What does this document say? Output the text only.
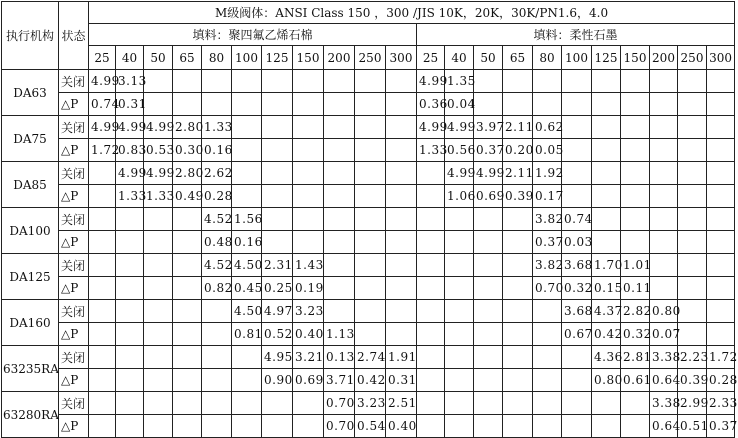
执行机构	状态	M级阀体：ANSI Class 150 ，300 /JIS 10K，20K，30K/PN1.6，4.0																					
		填料：聚四氟乙烯石棉											填料：柔性石墨										
		25	40	50	65	80	100	125	150	200	250	300	25	40	50	65	80	100	125	150	200	250	300
DA63	关闭	4.99	3.13										4.99	1.35									
	△P	0.74	0.31										0.36	0.04									
DA75	关闭	4.99	4.99	4.99	2.80	1.33							4.99	4.99	3.97	2.11	0.62						
	△P	1.72	0.83	0.53	0.30	0.16							1.33	0.56	0.37	0.20	0.05						
DA85	关闭		4.99	4.99	2.80	2.62								4.99	4.99	2.11	1.92						
	△P		1.33	1.33	0.49	0.28								1.06	0.69	0.39	0.17						
DA100	关闭					4.52	1.56										3.82	0.74					
	△P					0.48	0.16										0.37	0.03					
DA125	关闭					4.52	4.50	2.31	1.43								3.82	3.68	1.70	1.01			
	△P					0.82	0.45	0.25	0.19								0.70	0.32	0.15	0.11			
DA160	关闭						4.50	4.97	3.23									3.68	4.37	2.82	0.80		
	△P						0.81	0.52	0.40	1.13								0.67	0.42	0.32	0.07		
63235RA	关闭							4.95	3.21	0.13	2.74	1.91							4.36	2.81	3.38	2.23	1.72
	△P							0.90	0.69	3.71	0.42	0.31							0.80	0.61	0.64	0.39	0.28
63280RA	关闭									0.70	3.23	2.51									3.38	2.99	2.33
	△P									0.70	0.54	0.40									0.64	0.51	0.37
